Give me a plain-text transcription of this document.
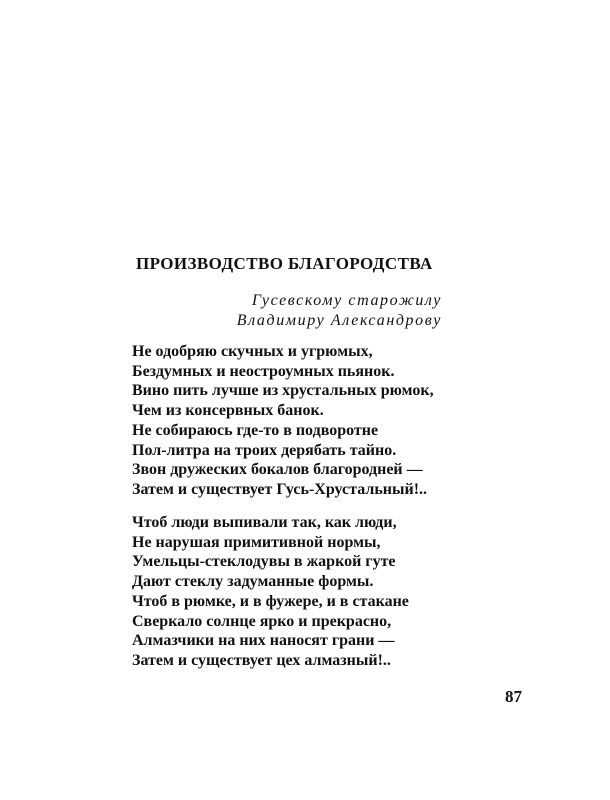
ПРОИЗВОДСТВО БЛАГОРОДСТВА
Гусевскому старожилу
Владимиру Александрову
Не одобряю скучных и угрюмых,
Бездумных и неостроумных пьянок.
Вино пить лучше из хрустальных рюмок,
Чем из консервных банок.
Не собираюсь где-то в подворотне
Пол-литра на троих дерябать тайно.
Звон дружеских бокалов благородней —
Затем и существует Гусь-Хрустальный!..
Чтоб люди выпивали так, как люди,
Не нарушая примитивной нормы,
Умельцы-стеклодувы в жаркой гуте
Дают стеклу задуманные формы.
Чтоб в рюмке, и в фужере, и в стакане
Сверкало солнце ярко и прекрасно,
Алмазчики на них наносят грани —
Затем и существует цех алмазный!..
87
